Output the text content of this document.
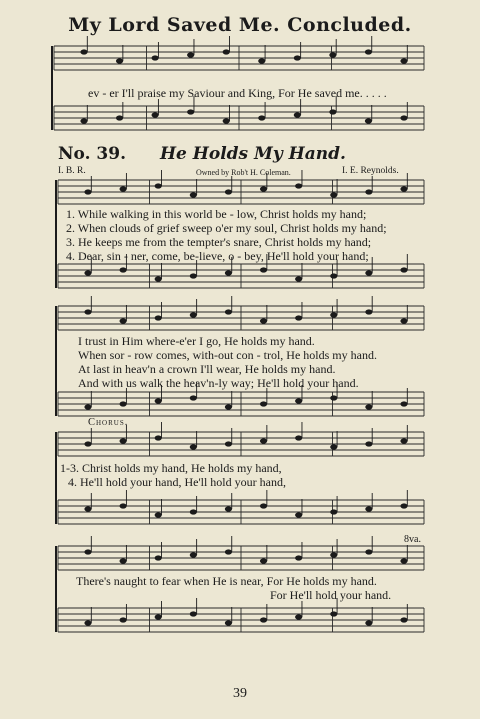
My Lord Saved Me. Concluded.
ev - er I'll praise my Saviour and King, For He saved me. . . . .
No. 39. He Holds My Hand.
I. B. R.	Owned by Rob't H. Coleman.	I. E. Reynolds.
1. While walking in this world be - low, Christ holds my hand;
2. When clouds of grief sweep o'er my soul, Christ holds my hand;
3. He keeps me from the tempter's snare, Christ holds my hand;
4. Dear, sin - ner, come, be-lieve, o - bey, He'll hold your hand;
I trust in Him where-e'er I go, He holds my hand.
When sor - row comes, with-out con - trol, He holds my hand.
At last in heav'n a crown I'll wear, He holds my hand.
And with us walk the heav'n-ly way; He'll hold your hand.
Chorus.
1-3. Christ holds my hand, He holds my hand,
4. He'll hold your hand, He'll hold your hand,
8va.
There's naught to fear when He is near, For He holds my hand.
For He'll hold your hand.
39
